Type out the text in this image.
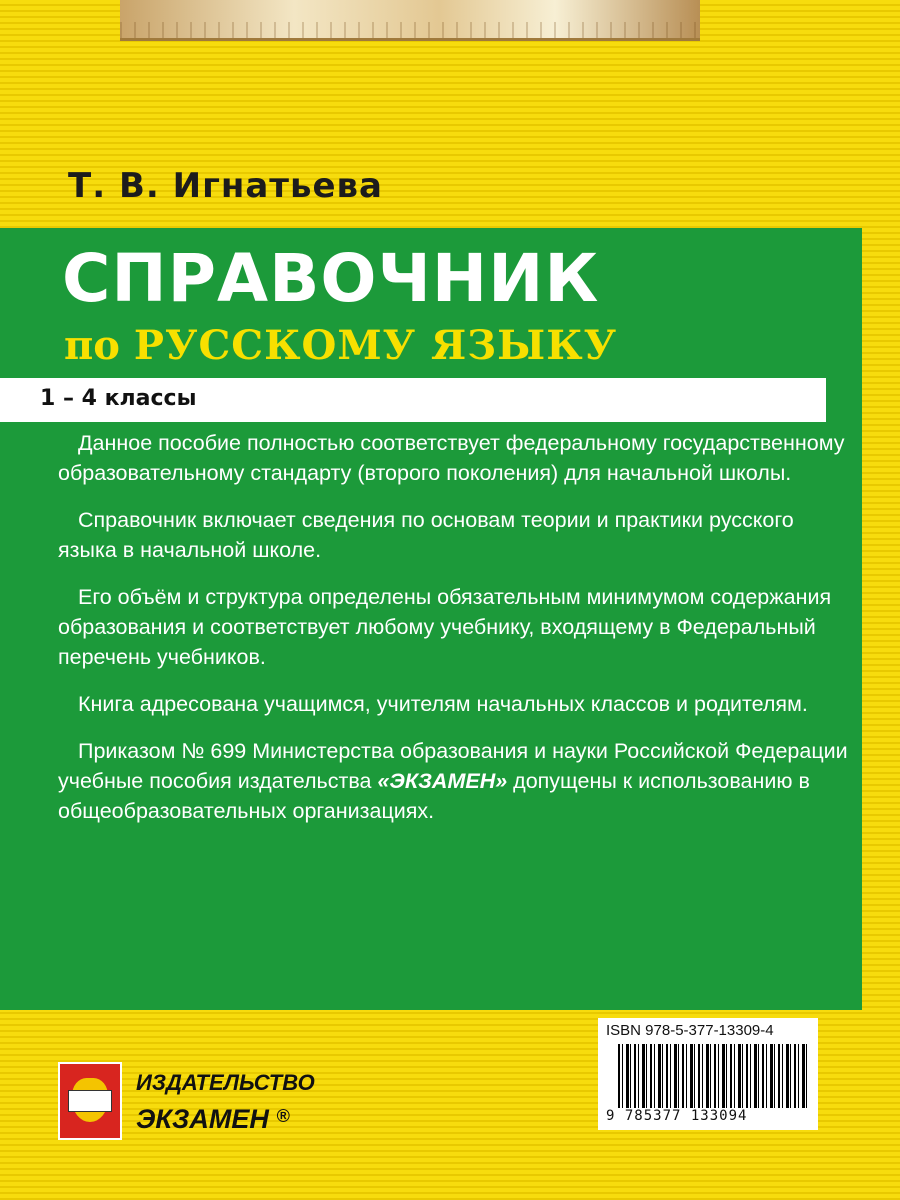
Т. В. Игнатьева
СПРАВОЧНИК
по РУССКОМУ ЯЗЫКУ
1 – 4 классы

Данное пособие полностью соответствует федеральному государственному образовательному стандарту (второго поколения) для начальной школы.

Справочник включает сведения по основам теории и практики русского языка в начальной школе.

Его объём и структура определены обязательным минимумом содержания образования и соответствует любому учебнику, входящему в Федеральный перечень учебников.

Книга адресована учащимся, учителям начальных классов и родителям.

Приказом № 699 Министерства образования и науки Российской Федерации учебные пособия издательства «ЭКЗАМЕН» допущены к использованию в общеобразовательных организациях.

ISBN 978-5-377-13309-4
9 785377 133094
ИЗДАТЕЛЬСТВО
ЭКЗАМЕН ®
